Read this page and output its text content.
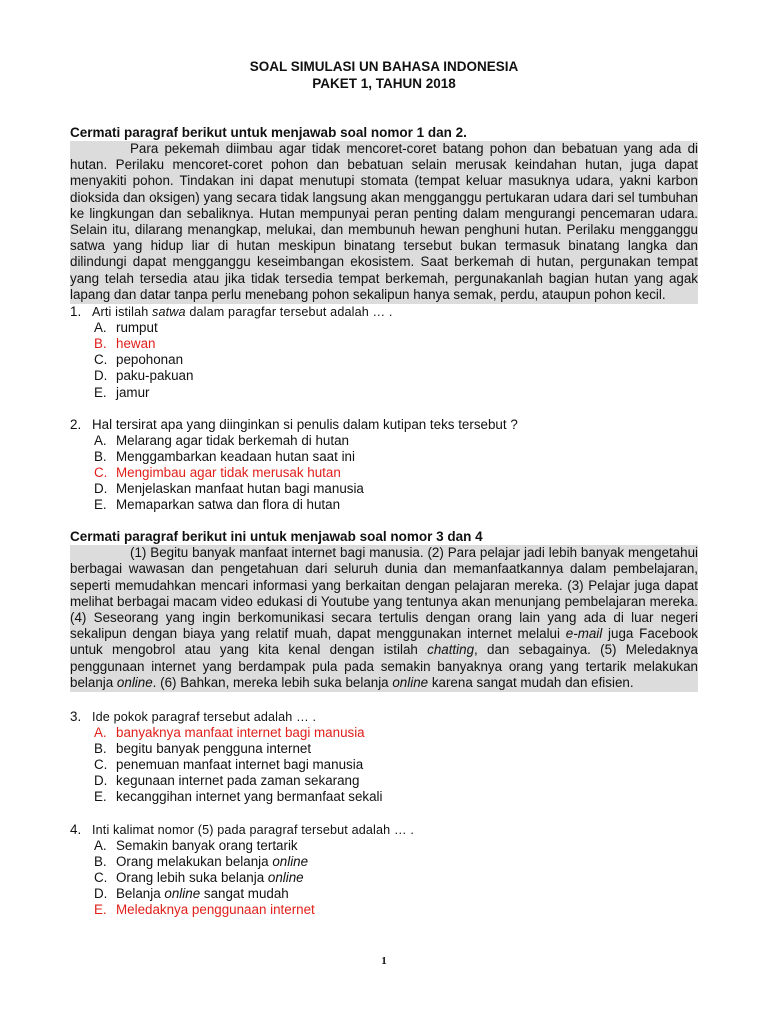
SOAL SIMULASI UN BAHASA INDONESIA
PAKET 1, TAHUN 2018
Cermati paragraf berikut untuk menjawab soal nomor 1 dan 2.
Para pekemah diimbau agar tidak mencoret-coret batang pohon dan bebatuan yang ada di hutan. Perilaku mencoret-coret pohon dan bebatuan selain merusak keindahan hutan, juga dapat menyakiti pohon. Tindakan ini dapat menutupi stomata (tempat keluar masuknya udara, yakni karbon dioksida dan oksigen) yang secara tidak langsung akan mengganggu pertukaran udara dari sel tumbuhan ke lingkungan dan sebaliknya. Hutan mempunyai peran penting dalam mengurangi pencemaran udara. Selain itu, dilarang menangkap, melukai, dan membunuh hewan penghuni hutan. Perilaku mengganggu satwa yang hidup liar di hutan meskipun binatang tersebut bukan termasuk binatang langka dan dilindungi dapat mengganggu keseimbangan ekosistem. Saat berkemah di hutan, pergunakan tempat yang telah tersedia atau jika tidak tersedia tempat berkemah, pergunakanlah bagian hutan yang agak lapang dan datar tanpa perlu menebang pohon sekalipun hanya semak, perdu, ataupun pohon kecil.
1. Arti istilah satwa dalam paragfar tersebut adalah … .
A. rumput
B. hewan
C. pepohonan
D. paku-pakuan
E. jamur
2. Hal tersirat apa yang diinginkan si penulis dalam kutipan teks tersebut ?
A. Melarang agar tidak berkemah di hutan
B. Menggambarkan keadaan hutan saat ini
C. Mengimbau agar tidak merusak hutan
D. Menjelaskan manfaat hutan bagi manusia
E. Memaparkan satwa dan flora di hutan
Cermati paragraf berikut ini untuk menjawab soal nomor 3 dan 4
(1) Begitu banyak manfaat internet bagi manusia. (2) Para pelajar jadi lebih banyak mengetahui berbagai wawasan dan pengetahuan dari seluruh dunia dan memanfaatkannya dalam pembelajaran, seperti memudahkan mencari informasi yang berkaitan dengan pelajaran mereka. (3) Pelajar juga dapat melihat berbagai macam video edukasi di Youtube yang tentunya akan menunjang pembelajaran mereka. (4) Seseorang yang ingin berkomunikasi secara tertulis dengan orang lain yang ada di luar negeri sekalipun dengan biaya yang relatif muah, dapat menggunakan internet melalui e-mail juga Facebook untuk mengobrol atau yang kita kenal dengan istilah chatting, dan sebagainya. (5) Meledaknya penggunaan internet yang berdampak pula pada semakin banyaknya orang yang tertarik melakukan belanja online. (6) Bahkan, mereka lebih suka belanja online karena sangat mudah dan efisien.
3. Ide pokok paragraf tersebut adalah … .
A. banyaknya manfaat internet bagi manusia
B. begitu banyak pengguna internet
C. penemuan manfaat internet bagi manusia
D. kegunaan internet pada zaman sekarang
E. kecanggihan internet yang bermanfaat sekali
4. Inti kalimat nomor (5) pada paragraf tersebut adalah … .
A. Semakin banyak orang tertarik
B. Orang melakukan belanja online
C. Orang lebih suka belanja online
D. Belanja online sangat mudah
E. Meledaknya penggunaan internet
1
